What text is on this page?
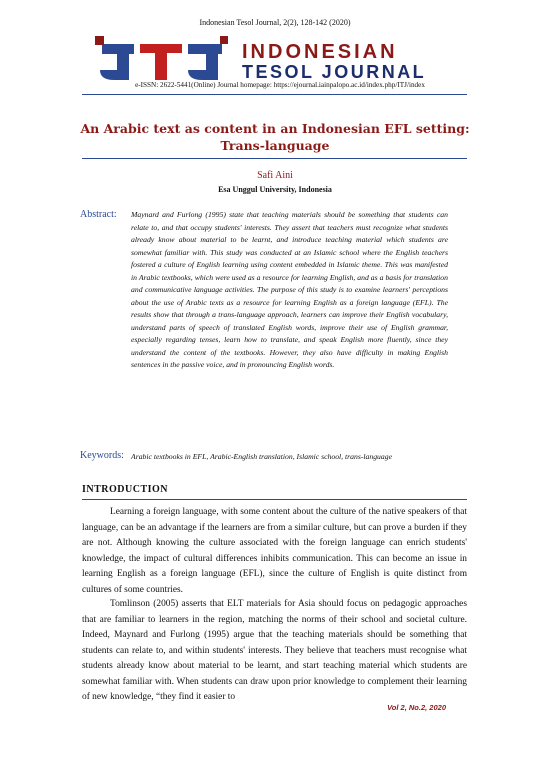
Indonesian Tesol Journal, 2(2), 128-142 (2020)
INDONESIAN
TESOL JOURNAL
e-ISSN: 2622-5441(Online) Journal homepage: https://ejournal.iainpalopo.ac.id/index.php/ITJ/index
An Arabic text as content in an Indonesian EFL setting: Trans-language
Safi Aini
Esa Unggul University, Indonesia
Abstract: Maynard and Furlong (1995) state that teaching materials should be something that students can relate to, and that occupy students' interests. They assert that teachers must recognize what students already know about material to be learnt, and introduce teaching material which students are somewhat familiar with. This study was conducted at an Islamic school where the English teachers fostered a culture of English learning using content embedded in Islamic theme. This was manifested in Arabic textbooks, which were used as a resource for learning English, and as a basis for translation and communicative language activities. The purpose of this study is to examine learners' perceptions about the use of Arabic texts as a resource for learning English as a foreign language (EFL). The results show that through a trans-language approach, learners can improve their English vocabulary, understand parts of speech of translated English words, improve their use of English grammar, especially regarding tenses, learn how to translate, and speak English more fluently, since they understand the content of the textbooks. However, they also have difficulty in making English sentences in the passive voice, and in pronouncing English words.
Keywords: Arabic textbooks in EFL, Arabic-English translation, Islamic school, trans-language
INTRODUCTION
Learning a foreign language, with some content about the culture of the native speakers of that language, can be an advantage if the learners are from a similar culture, but can prove a burden if they are not. Although knowing the culture associated with the foreign language can enrich students' knowledge, the impact of cultural differences inhibits communication. This can become an issue in learning English as a foreign language (EFL), since the culture of English is quite distinct from cultures of some countries.
Tomlinson (2005) asserts that ELT materials for Asia should focus on pedagogic approaches that are familiar to learners in the region, matching the norms of their school and societal culture. Indeed, Maynard and Furlong (1995) argue that the teaching materials should be something that students can relate to, and within students' interests. They believe that teachers must recognise what students already know about material to be learnt, and start teaching material which students are somewhat familiar with. When students can draw upon prior knowledge to complement their learning of new knowledge, “they find it easier to
Vol 2, No.2, 2020
